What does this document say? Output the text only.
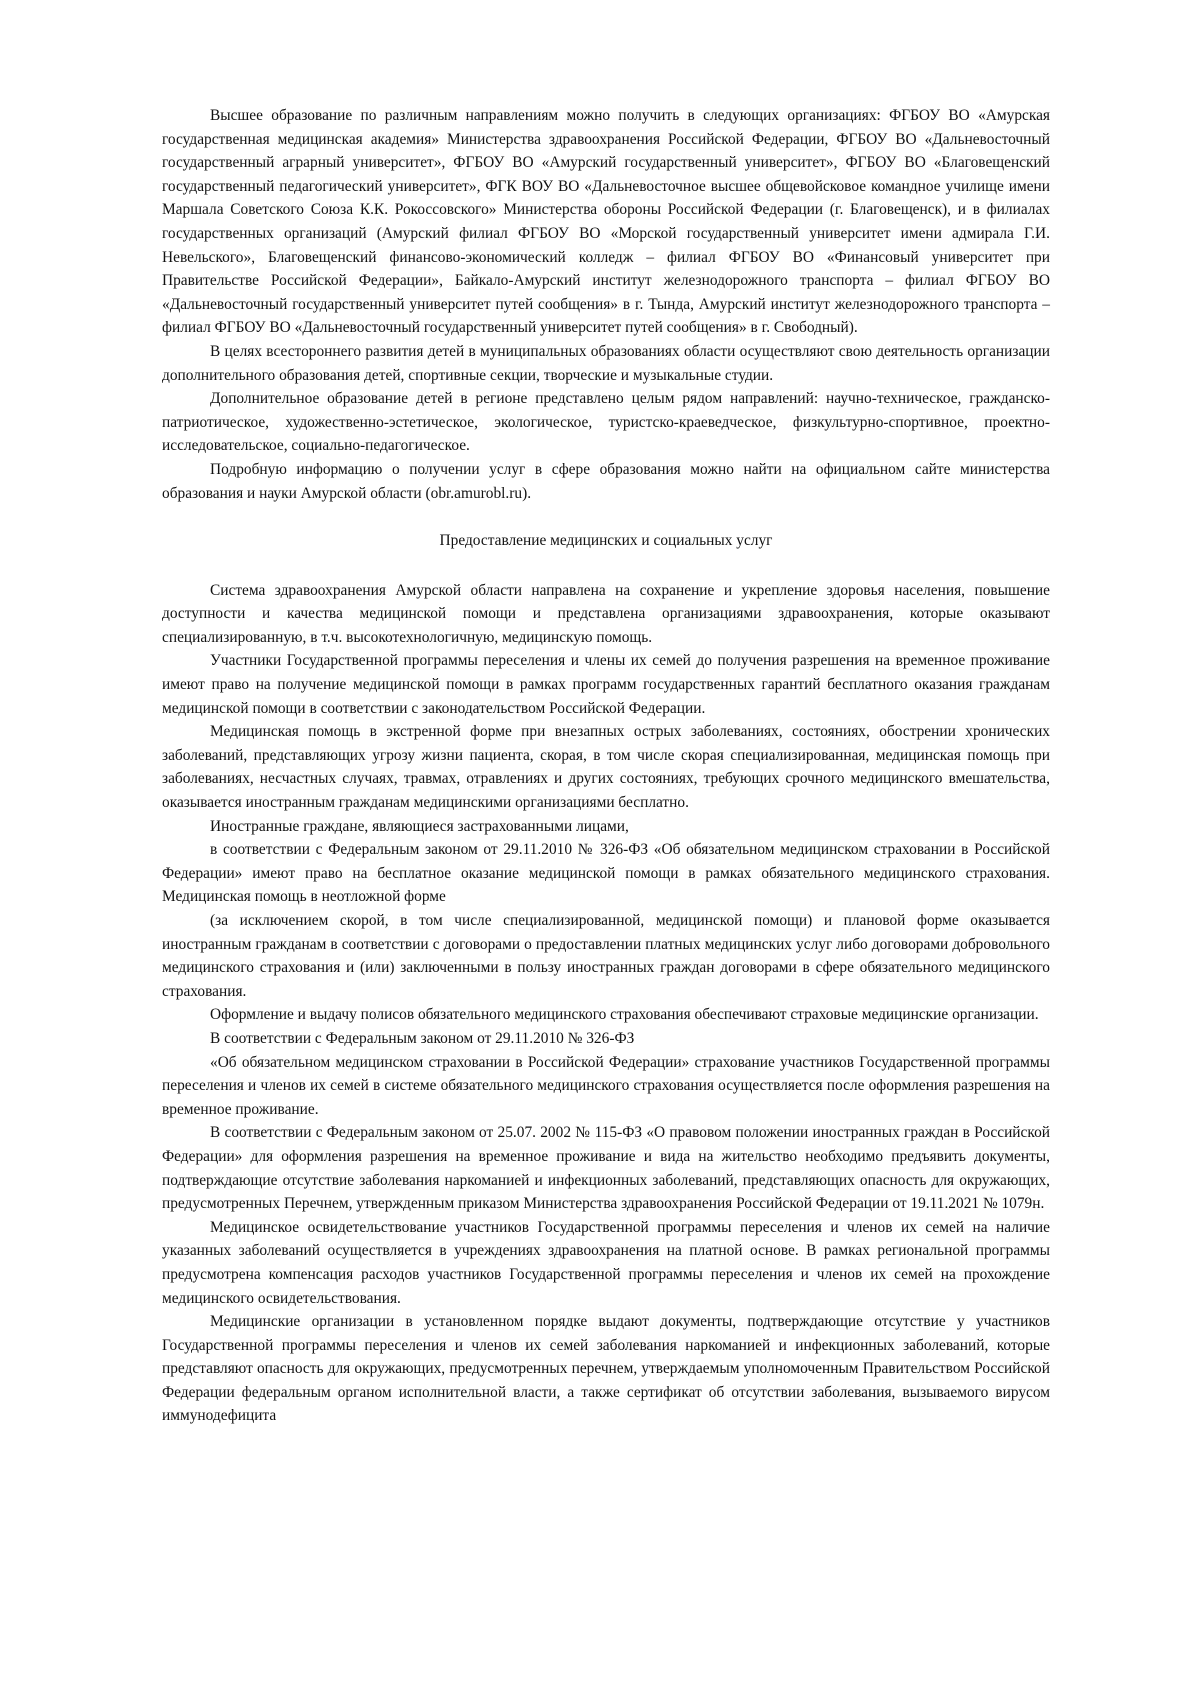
Высшее образование по различным направлениям можно получить в следующих организациях: ФГБОУ ВО «Амурская государственная медицинская академия» Министерства здравоохранения Российской Федерации, ФГБОУ ВО «Дальневосточный государственный аграрный университет», ФГБОУ ВО «Амурский государственный университет», ФГБОУ ВО «Благовещенский государственный педагогический университет», ФГК ВОУ ВО «Дальневосточное высшее общевойсковое командное училище имени Маршала Советского Союза К.К. Рокоссовского» Министерства обороны Российской Федерации (г. Благовещенск), и в филиалах государственных организаций (Амурский филиал ФГБОУ ВО «Морской государственный университет имени адмирала Г.И. Невельского», Благовещенский финансово-экономический колледж – филиал ФГБОУ ВО «Финансовый университет при Правительстве Российской Федерации», Байкало-Амурский институт железнодорожного транспорта – филиал ФГБОУ ВО «Дальневосточный государственный университет путей сообщения» в г. Тында, Амурский институт железнодорожного транспорта – филиал ФГБОУ ВО «Дальневосточный государственный университет путей сообщения» в г. Свободный).

В целях всестороннего развития детей в муниципальных образованиях области осуществляют свою деятельность организации дополнительного образования детей, спортивные секции, творческие и музыкальные студии.

Дополнительное образование детей в регионе представлено целым рядом направлений: научно-техническое, гражданско-патриотическое, художественно-эстетическое, экологическое, туристско-краеведческое, физкультурно-спортивное, проектно-исследовательское, социально-педагогическое.

Подробную информацию о получении услуг в сфере образования можно найти на официальном сайте министерства образования и науки Амурской области (obr.amurobl.ru).

Предоставление медицинских и социальных услуг

Система здравоохранения Амурской области направлена на сохранение и укрепление здоровья населения, повышение доступности и качества медицинской помощи и представлена организациями здравоохранения, которые оказывают специализированную, в т.ч. высокотехнологичную, медицинскую помощь.

Участники Государственной программы переселения и члены их семей до получения разрешения на временное проживание имеют право на получение медицинской помощи в рамках программ государственных гарантий бесплатного оказания гражданам медицинской помощи в соответствии с законодательством Российской Федерации.

Медицинская помощь в экстренной форме при внезапных острых заболеваниях, состояниях, обострении хронических заболеваний, представляющих угрозу жизни пациента, скорая, в том числе скорая специализированная, медицинская помощь при заболеваниях, несчастных случаях, травмах, отравлениях и других состояниях, требующих срочного медицинского вмешательства, оказывается иностранным гражданам медицинскими организациями бесплатно.

Иностранные граждане, являющиеся застрахованными лицами,

в соответствии с Федеральным законом от 29.11.2010 № 326-ФЗ «Об обязательном медицинском страховании в Российской Федерации» имеют право на бесплатное оказание медицинской помощи в рамках обязательного медицинского страхования. Медицинская помощь в неотложной форме

(за исключением скорой, в том числе специализированной, медицинской помощи) и плановой форме оказывается иностранным гражданам в соответствии с договорами о предоставлении платных медицинских услуг либо договорами добровольного медицинского страхования и (или) заключенными в пользу иностранных граждан договорами в сфере обязательного медицинского страхования.

Оформление и выдачу полисов обязательного медицинского страхования обеспечивают страховые медицинские организации.

В соответствии с Федеральным законом от 29.11.2010 № 326-ФЗ

«Об обязательном медицинском страховании в Российской Федерации» страхование участников Государственной программы переселения и членов их семей в системе обязательного медицинского страхования осуществляется после оформления разрешения на временное проживание.

В соответствии с Федеральным законом от 25.07. 2002 № 115-ФЗ «О правовом положении иностранных граждан в Российской Федерации» для оформления разрешения на временное проживание и вида на жительство необходимо предъявить документы, подтверждающие отсутствие заболевания наркоманией и инфекционных заболеваний, представляющих опасность для окружающих, предусмотренных Перечнем, утвержденным приказом Министерства здравоохранения Российской Федерации от 19.11.2021 № 1079н.

Медицинское освидетельствование участников Государственной программы переселения и членов их семей на наличие указанных заболеваний осуществляется в учреждениях здравоохранения на платной основе. В рамках региональной программы предусмотрена компенсация расходов участников Государственной программы переселения и членов их семей на прохождение медицинского освидетельствования.

Медицинские организации в установленном порядке выдают документы, подтверждающие отсутствие у участников Государственной программы переселения и членов их семей заболевания наркоманией и инфекционных заболеваний, которые представляют опасность для окружающих, предусмотренных перечнем, утверждаемым уполномоченным Правительством Российской Федерации федеральным органом исполнительной власти, а также сертификат об отсутствии заболевания, вызываемого вирусом иммунодефицита
